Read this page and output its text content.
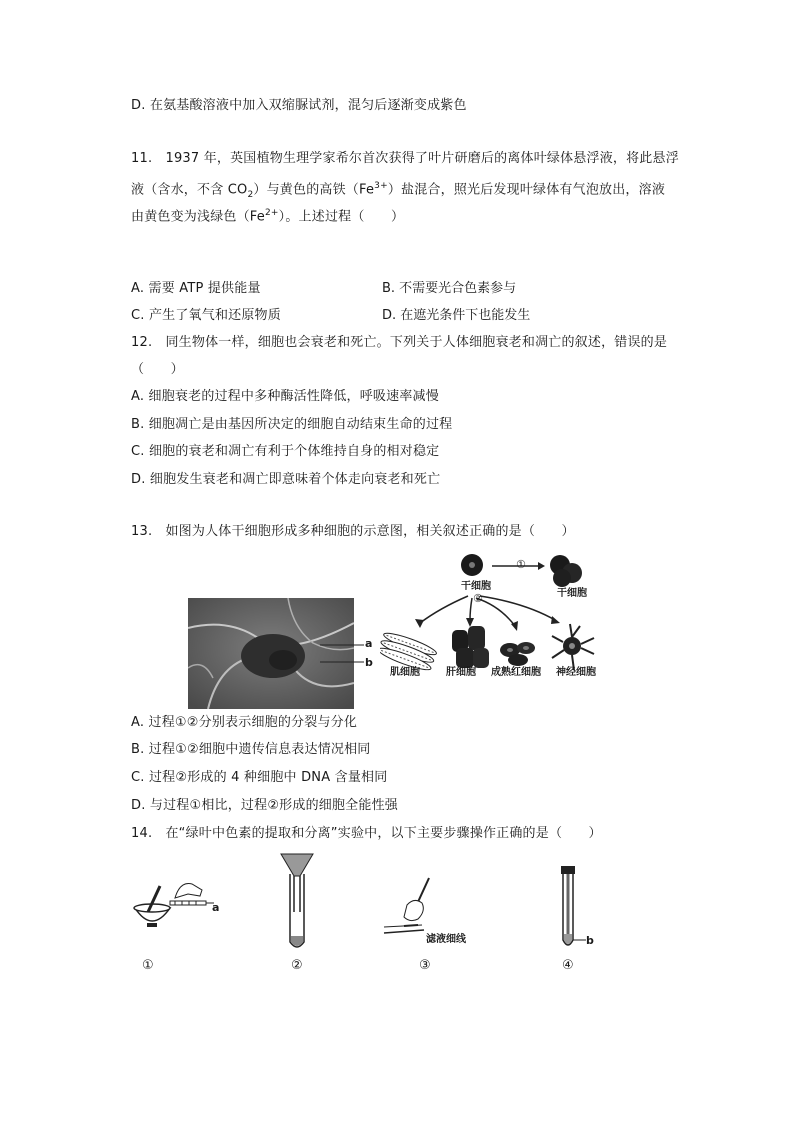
D. 在氨基酸溶液中加入双缩脲试剂，混匀后逐渐变成紫色
11.　1937 年，英国植物生理学家希尔首次获得了叶片研磨后的离体叶绿体悬浮液，将此悬浮
液（含水，不含 $CO_2$）与黄色的高铁$(Fe^{3+})$盐混合，照光后发现叶绿体有气泡放出，溶液
由黄色变为浅绿色$(Fe^{2+})$。上述过程（　　）
A. 需要 ATP 提供能量	B. 不需要光合色素参与
C. 产生了氧气和还原物质	D. 在遮光条件下也能发生
12.　同生物体一样，细胞也会衰老和死亡。下列关于人体细胞衰老和凋亡的叙述，错误的是
（　　）
A. 细胞衰老的过程中多种酶活性降低，呼吸速率减慢
B. 细胞凋亡是由基因所决定的细胞自动结束生命的过程
C. 细胞的衰老和凋亡有利于个体维持自身的相对稳定
D. 细胞发生衰老和凋亡即意味着个体走向衰老和死亡
13.　如图为人体干细胞形成多种细胞的示意图，相关叙述正确的是（　　）
a
b
干细胞
干细胞
①
②
肌细胞	肝细胞 成熟红细胞 神经细胞
A. 过程①②分别表示细胞的分裂与分化
B. 过程①②细胞中遗传信息表达情况相同
C. 过程②形成的 4 种细胞中 DNA 含量相同
D. 与过程①相比，过程②形成的细胞全能性强
14.　在“绿叶中色素的提取和分离”实验中，以下主要步骤操作正确的是（　　）
a
滤液细线	b
①	②	③	④
